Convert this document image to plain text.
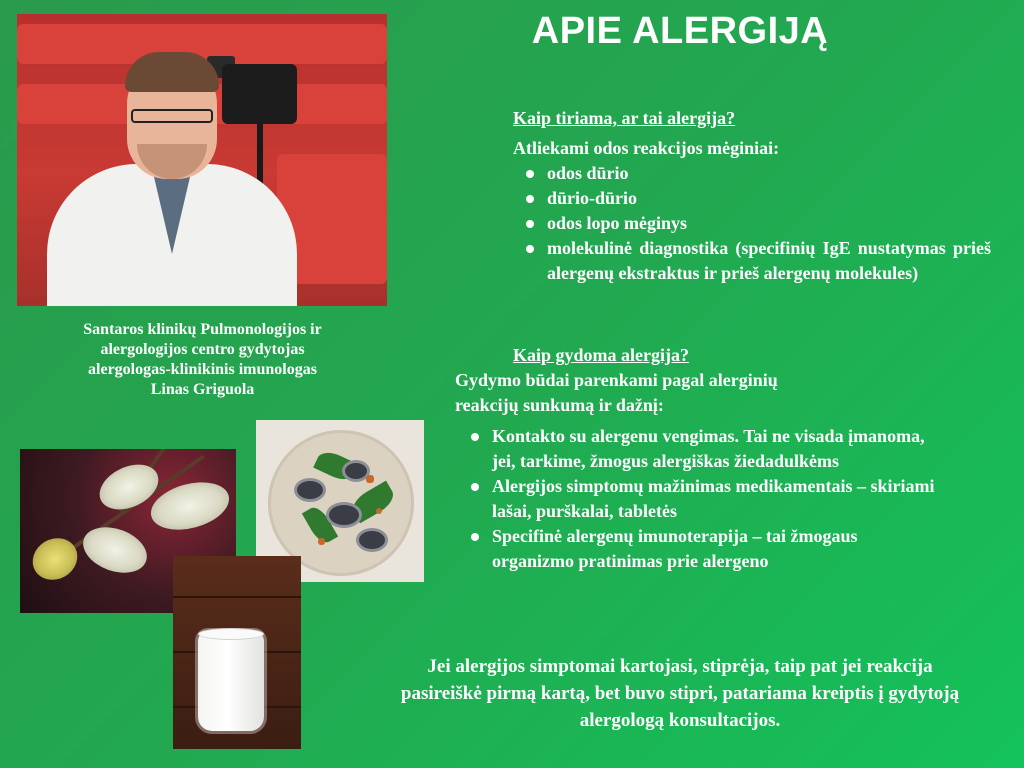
APIE ALERGIJĄ
Santaros klinikų Pulmonologijos ir
alergologijos centro gydytojas
alergologas-klinikinis imunologas
Linas Griguola
Kaip tiriama, ar tai alergija?
Atliekami odos reakcijos mėginiai:
odos dūrio
dūrio-dūrio
odos lopo mėginys
molekulinė diagnostika (specifinių IgE nustatymas prieš alergenų ekstraktus ir prieš alergenų molekules)
Kaip gydoma alergija?
Gydymo būdai parenkami pagal alerginių
reakcijų sunkumą ir dažnį:
Kontakto su alergenu vengimas. Tai ne visada įmanoma, jei, tarkime, žmogus alergiškas žiedadulkėms
Alergijos simptomų mažinimas medikamentais – skiriami lašai, purškalai, tabletės
Specifinė alergenų imunoterapija – tai žmogaus organizmo pratinimas prie alergeno
Jei alergijos simptomai kartojasi, stiprėja, taip pat jei reakcija
pasireiškė pirmą kartą, bet buvo stipri, patariama kreiptis į gydytoją
alergologą konsultacijos.
